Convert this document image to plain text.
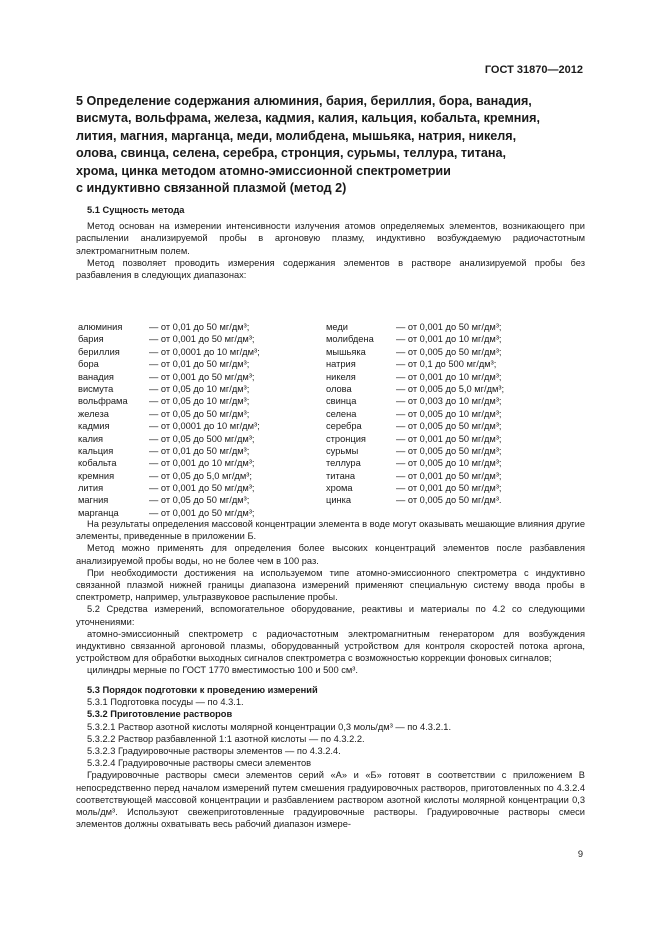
ГОСТ 31870—2012
5 Определение содержания алюминия, бария, бериллия, бора, ванадия,
висмута, вольфрама, железа, кадмия, калия, кальция, кобальта, кремния,
лития, магния, марганца, меди, молибдена, мышьяка, натрия, никеля,
олова, свинца, селена, серебра, стронция, сурьмы, теллура, титана,
хрома, цинка методом атомно-эмиссионной спектрометрии
с индуктивно связанной плазмой (метод 2)

5.1 Сущность метода

Метод основан на измерении интенсивности излучения атомов определяемых элементов, возникающего при распылении анализируемой пробы в аргоновую плазму, индуктивно возбуждаемую радиочастотным электромагнитным полем.

Метод позволяет проводить измерения содержания элементов в растворе анализируемой пробы без разбавления в следующих диапазонах:

алюминия	— от 0,01 до 50 мг/дм³;
бария	— от 0,001 до 50 мг/дм³;
бериллия	— от 0,0001 до 10 мг/дм³;
бора	— от 0,01 до 50 мг/дм³;
ванадия	— от 0,001 до 50 мг/дм³;
висмута	— от 0,05 до 10 мг/дм³;
вольфрама — от 0,05 до 10 мг/дм³;
железа	— от 0,05 до 50 мг/дм³;
кадмия	— от 0,0001 до 10 мг/дм³;
калия	— от 0,05 до 500 мг/дм³;
кальция	— от 0,01 до 50 мг/дм³;
кобальта	— от 0,001 до 10 мг/дм³;
кремния	— от 0,05 до 5,0 мг/дм³;
лития	— от 0,001 до 50 мг/дм³;
магния	— от 0,05 до 50 мг/дм³;
марганца	— от 0,001 до 50 мг/дм³;
меди	— от 0,001 до 50 мг/дм³;
молибдена — от 0,001 до 10 мг/дм³;
мышьяка	— от 0,005 до 50 мг/дм³;
натрия	— от 0,1 до 500 мг/дм³;
никеля	— от 0,001 до 10 мг/дм³;
олова	— от 0,005 до 5,0 мг/дм³;
свинца	— от 0,003 до 10 мг/дм³;
селена	— от 0,005 до 10 мг/дм³;
серебра	— от 0,005 до 50 мг/дм³;
стронция	— от 0,001 до 50 мг/дм³;
сурьмы	— от 0,005 до 50 мг/дм³;
теллура	— от 0,005 до 10 мг/дм³;
титана	— от 0,001 до 50 мг/дм³;
хрома	— от 0,001 до 50 мг/дм³;
цинка	— от 0,005 до 50 мг/дм³.

На результаты определения массовой концентрации элемента в воде могут оказывать мешающие влияния другие элементы, приведенные в приложении Б.

Метод можно применять для определения более высоких концентраций элементов после разбавления анализируемой пробы воды, но не более чем в 100 раз.

При необходимости достижения на используемом типе атомно-эмиссионного спектрометра с индуктивно связанной плазмой нижней границы диапазона измерений применяют специальную систему ввода пробы в спектрометр, например, ультразвуковое распыление пробы.

5.2 Средства измерений, вспомогательное оборудование, реактивы и материалы по 4.2 со следующими уточнениями:

атомно-эмиссионный спектрометр с радиочастотным электромагнитным генератором для возбуждения индуктивно связанной аргоновой плазмы, оборудованный устройством для контроля скоростей потока аргона, устройством для обработки выходных сигналов спектрометра с возможностью коррекции фоновых сигналов;

цилиндры мерные по ГОСТ 1770 вместимостью 100 и 500 см³.

5.3 Порядок подготовки к проведению измерений

5.3.1 Подготовка посуды — по 4.3.1.

5.3.2 Приготовление растворов

5.3.2.1 Раствор азотной кислоты молярной концентрации 0,3 моль/дм³ — по 4.3.2.1.

5.3.2.2 Раствор разбавленной 1:1 азотной кислоты — по 4.3.2.2.

5.3.2.3 Градуировочные растворы элементов — по 4.3.2.4.

5.3.2.4 Градуировочные растворы смеси элементов

Градуировочные растворы смеси элементов серий «А» и «Б» готовят в соответствии с приложением В непосредственно перед началом измерений путем смешения градуировочных растворов, приготовленных по 4.3.2.4 соответствующей массовой концентрации и разбавлением раствором азотной кислоты молярной концентрации 0,3 моль/дм³. Используют свежеприготовленные градуировочные растворы. Градуировочные растворы смеси элементов должны охватывать весь рабочий диапазон измере-

9
